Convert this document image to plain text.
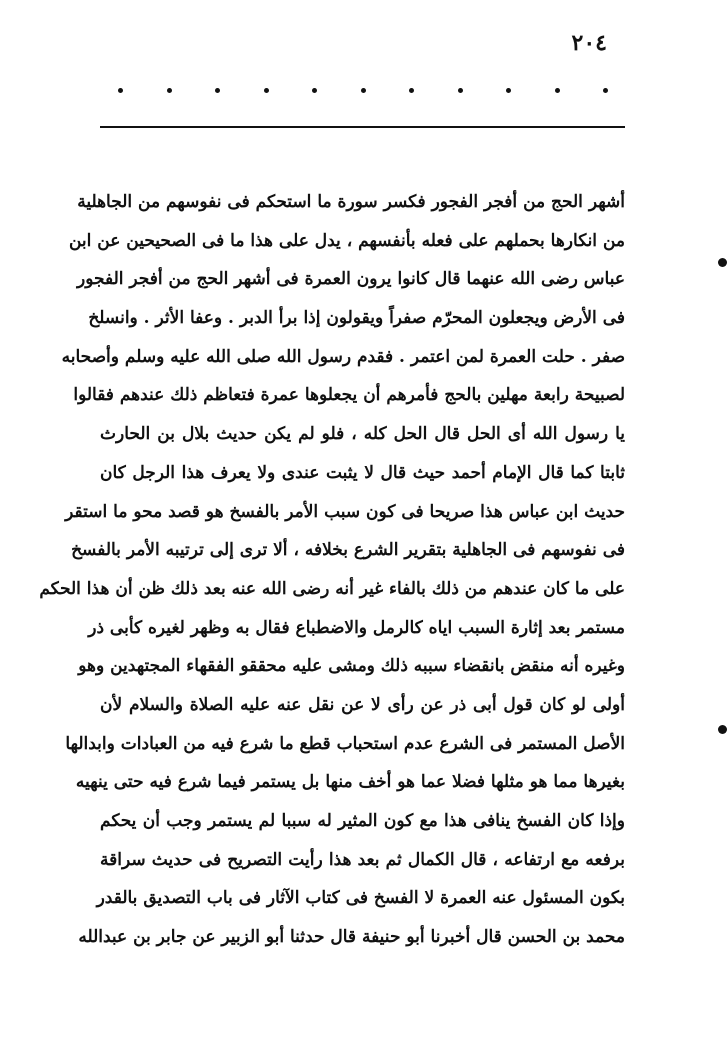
٢٠٤
أشهر الحج من أفجر الفجور فكسر سورة ما استحكم فى نفوسهم من الجاهلية
من انكارها بحملهم على فعله بأنفسهم ، يدل على هذا ما فى الصحيحين عن ابن
عباس رضى الله عنهما قال كانوا يرون العمرة فى أشهر الحج من أفجر الفجور
فى الأرض ويجعلون المحرّم صفراً ويقولون إذا برأ الدبر . وعفا الأثر . وانسلخ
صفر . حلت العمرة لمن اعتمر . فقدم رسول الله صلى الله عليه وسلم وأصحابه
لصبيحة رابعة مهلين بالحج فأمرهم أن يجعلوها عمرة فتعاظم ذلك عندهم فقالوا
يا رسول الله أى الحل قال الحل كله ، فلو لم يكن حديث بلال بن الحارث
ثابتا كما قال الإمام أحمد حيث قال لا يثبت عندى ولا يعرف هذا الرجل كان
حديث ابن عباس هذا صريحا فى كون سبب الأمر بالفسخ هو قصد محو ما استقر
فى نفوسهم فى الجاهلية بتقرير الشرع بخلافه ، ألا ترى إلى ترتيبه الأمر بالفسخ
على ما كان عندهم من ذلك بالفاء غير أنه رضى الله عنه بعد ذلك ظن أن هذا الحكم
مستمر بعد إثارة السبب اياه كالرمل والاضطباع فقال به وظهر لغيره كأبى ذر
وغيره أنه منقض بانقضاء سببه ذلك ومشى عليه محققو الفقهاء المجتهدين وهو
أولى لو كان قول أبى ذر عن رأى لا عن نقل عنه عليه الصلاة والسلام لأن
الأصل المستمر فى الشرع عدم استحباب قطع ما شرع فيه من العبادات وابدالها
بغيرها مما هو مثلها فضلا عما هو أخف منها بل يستمر فيما شرع فيه حتى ينهيه
وإذا كان الفسخ ينافى هذا مع كون المثير له سببا لم يستمر وجب أن يحكم
برفعه مع ارتفاعه ، قال الكمال ثم بعد هذا رأيت التصريح فى حديث سراقة
بكون المسئول عنه العمرة لا الفسخ فى كتاب الآثار فى باب التصديق بالقدر
محمد بن الحسن قال أخبرنا أبو حنيفة قال حدثنا أبو الزبير عن جابر بن عبدالله
